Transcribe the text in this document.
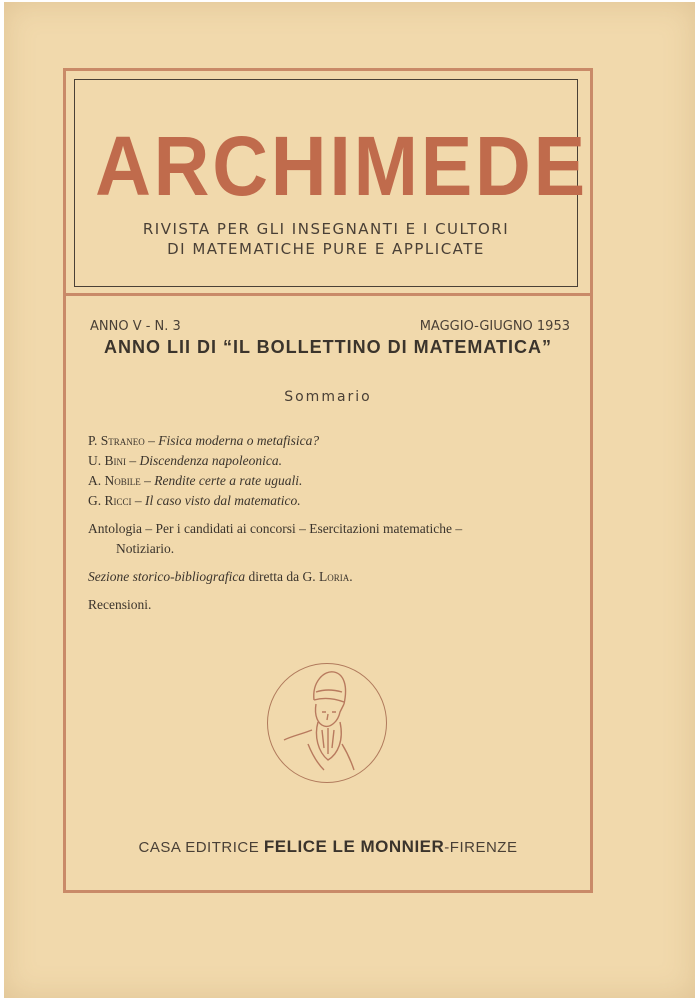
ARCHIMEDE
RIVISTA PER GLI INSEGNANTI E I CULTORI
DI MATEMATICHE PURE E APPLICATE
ANNO V - N. 3	MAGGIO-GIUGNO 1953
ANNO LII DI “IL BOLLETTINO DI MATEMATICA”
Sommario
P. Straneo – Fisica moderna o metafisica?
U. Bini – Discendenza napoleonica.
A. Nobile – Rendite certe a rate uguali.
G. Ricci – Il caso visto dal matematico.
Antologia – Per i candidati ai concorsi – Esercitazioni matematiche –
Notiziario.
Sezione storico-bibliografica diretta da G. Loria.
Recensioni.
CASA EDITRICE FELICE LE MONNIER-FIRENZE
